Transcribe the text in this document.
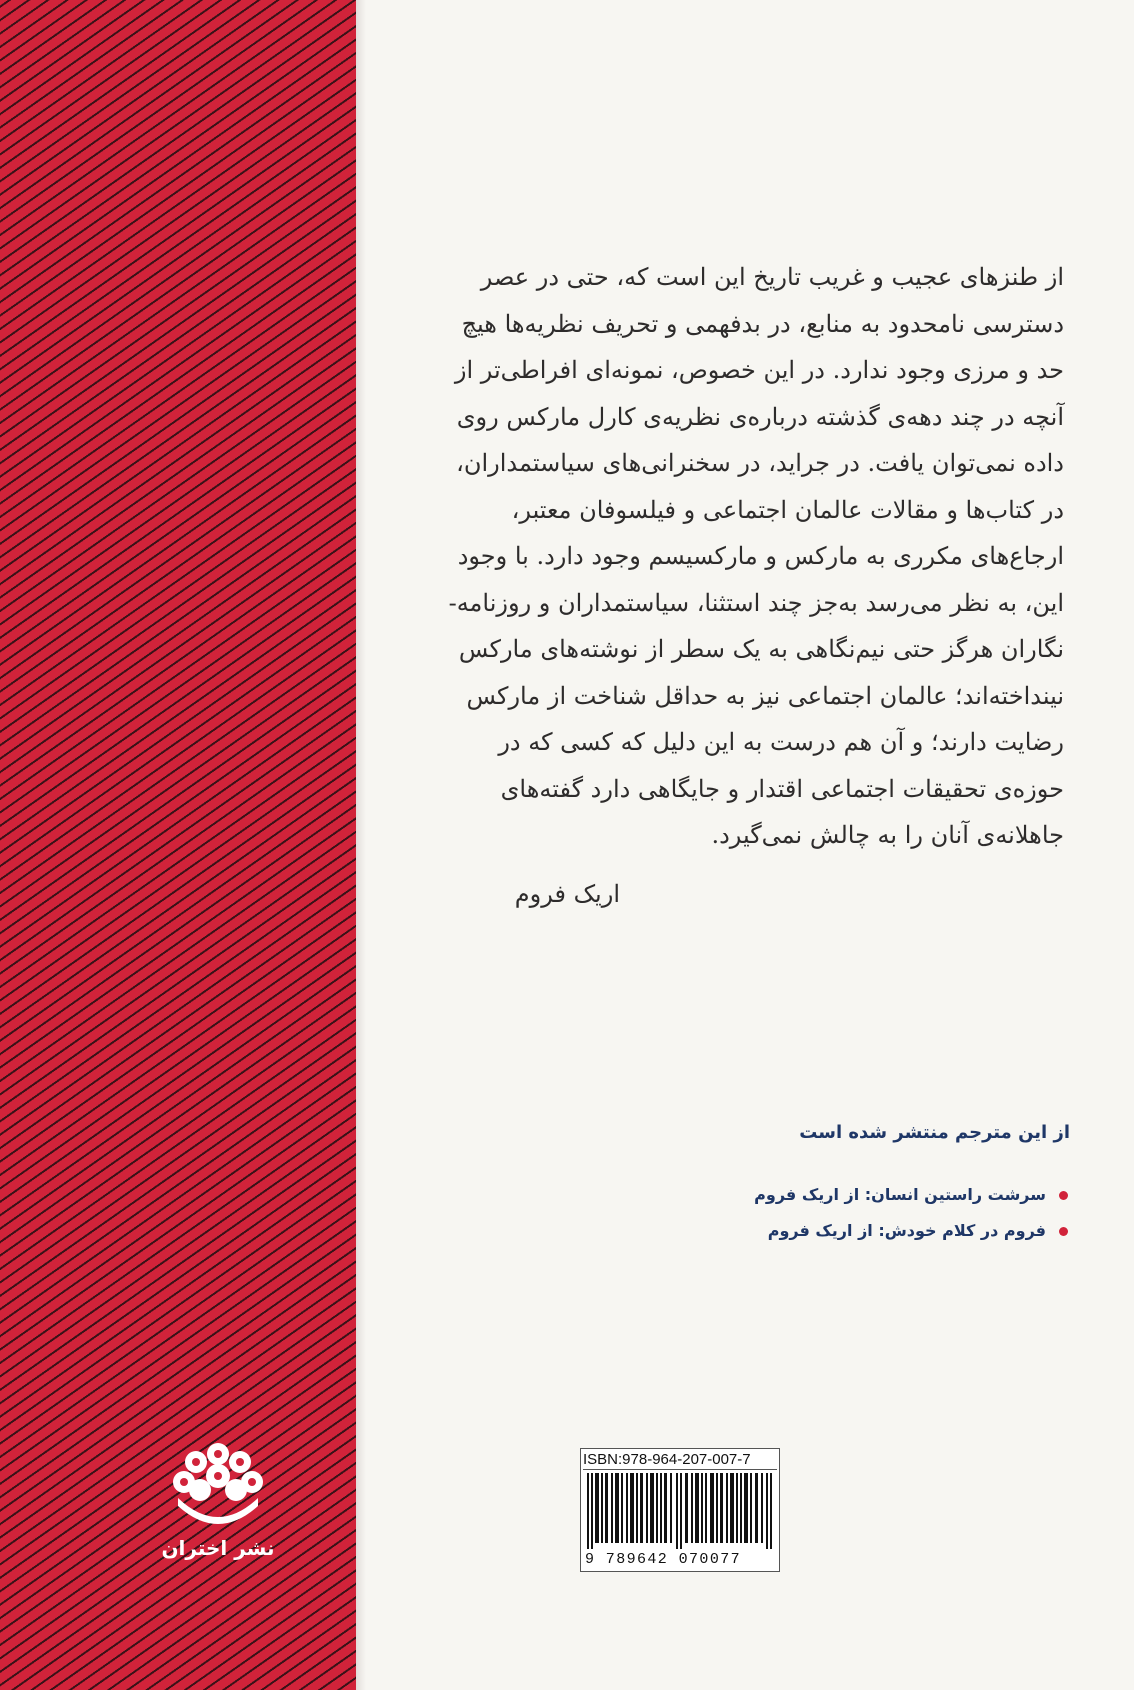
نشر اختران

از طنزهای عجیب و غریب تاریخ این است که، حتی در عصر

دسترسی نامحدود به منابع، در بدفهمی و تحریف نظریه‌ها هیچ

حد و مرزی وجود ندارد. در این خصوص، نمونه‌ای افراطی‌تر از

آنچه در چند دهه‌ی گذشته درباره‌ی نظریه‌ی کارل مارکس روی

داده نمی‌توان یافت. در جراید، در سخنرانی‌های سیاستمداران،

در کتاب‌ها و مقالات عالمان اجتماعی و فیلسوفان معتبر،

ارجاع‌های مکرری به مارکس و مارکسیسم وجود دارد. با وجود

این، به نظر می‌رسد به‌جز چند استثنا، سیاستمداران و روزنامه-

نگاران هرگز حتی نیم‌نگاهی به یک سطر از نوشته‌های مارکس

نینداخته‌اند؛ عالمان اجتماعی نیز به حداقل شناخت از مارکس

رضایت دارند؛ و آن هم درست به این دلیل که کسی که در

حوزه‌ی تحقیقات اجتماعی اقتدار و جایگاهی دارد گفته‌های

جاهلانه‌ی آنان را به چالش نمی‌گیرد.

اریک فروم
از این مترجم منتشر شده است
سرشت راستین انسان: از اریک فروم
فروم در کلام خودش: از اریک فروم
ISBN:978-964-207-007-7
9 789642 070077
